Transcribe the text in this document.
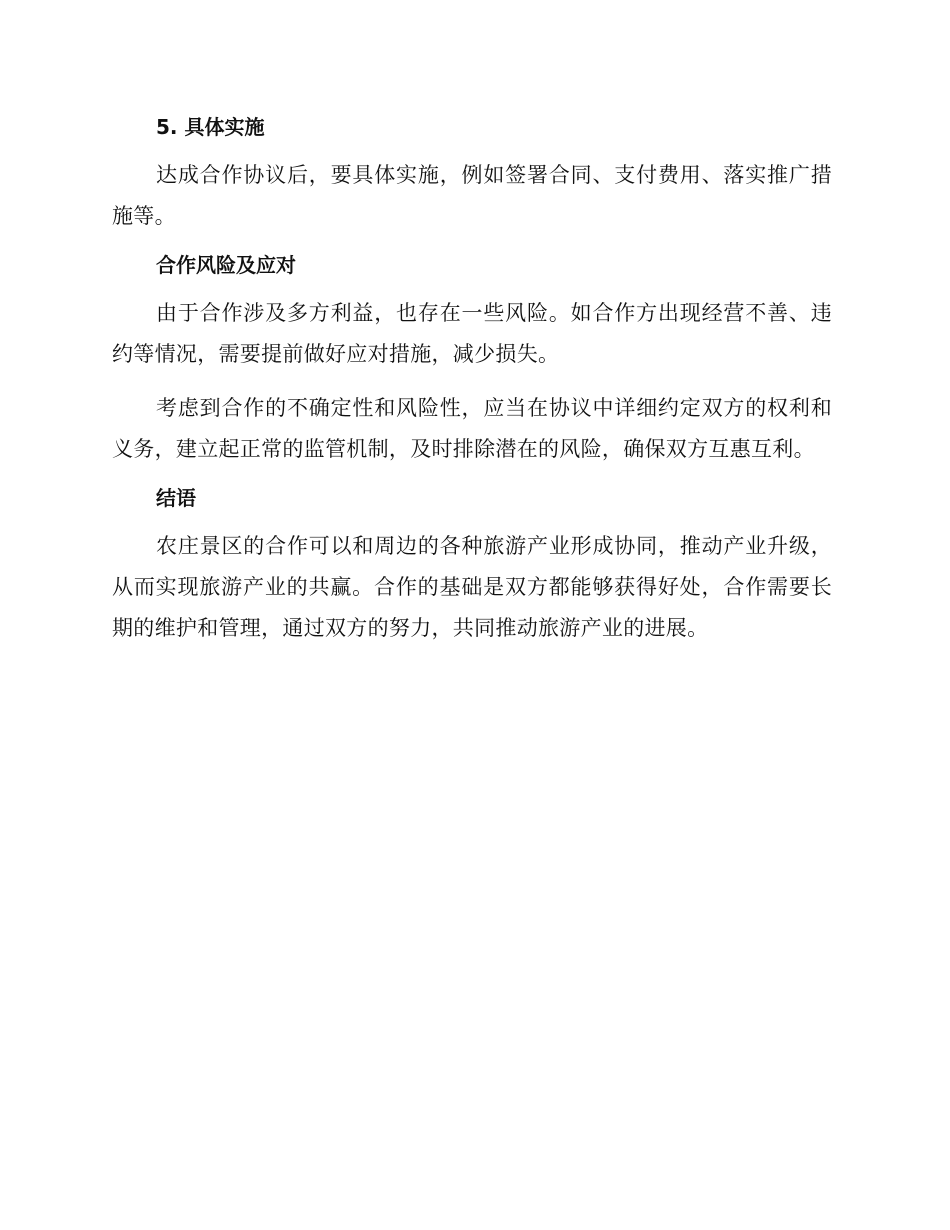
5. 具体实施

达成合作协议后，要具体实施，例如签署合同、支付费用、落实推广措施等。

合作风险及应对

由于合作涉及多方利益，也存在一些风险。如合作方出现经营不善、违约等情况，需要提前做好应对措施，减少损失。

考虑到合作的不确定性和风险性，应当在协议中详细约定双方的权利和义务，建立起正常的监管机制，及时排除潜在的风险，确保双方互惠互利。

结语

农庄景区的合作可以和周边的各种旅游产业形成协同，推动产业升级，从而实现旅游产业的共赢。合作的基础是双方都能够获得好处，合作需要长期的维护和管理，通过双方的努力，共同推动旅游产业的进展。
